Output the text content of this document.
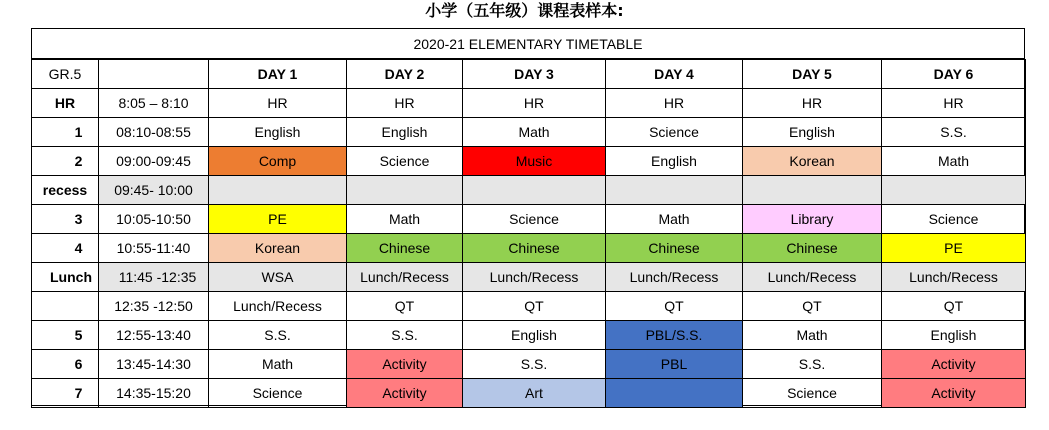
小学（五年级）课程表样本:
2020-21 ELEMENTARY TIMETABLE
GR.5		DAY 1	DAY 2	DAY 3	DAY 4	DAY 5	DAY 6
HR	8:05 – 8:10	HR	HR	HR	HR	HR	HR
1	08:10-08:55	English	English	Math	Science	English	S.S.
2	09:00-09:45	Comp	Science	Music	English	Korean	Math
recess	09:45- 10:00						
3	10:05-10:50	PE	Math	Science	Math	Library	Science
4	10:55-11:40	Korean	Chinese	Chinese	Chinese	Chinese	PE
Lunch	11:45 -12:35	WSA	Lunch/Recess	Lunch/Recess	Lunch/Recess	Lunch/Recess	Lunch/Recess
	12:35 -12:50	Lunch/Recess	QT	QT	QT	QT	QT
5	12:55-13:40	S.S.	S.S.	English	PBL/S.S.	Math	English
6	13:45-14:30	Math	Activity	S.S.	PBL	S.S.	Activity
7	14:35-15:20	Science	Activity	Art		Science	Activity
